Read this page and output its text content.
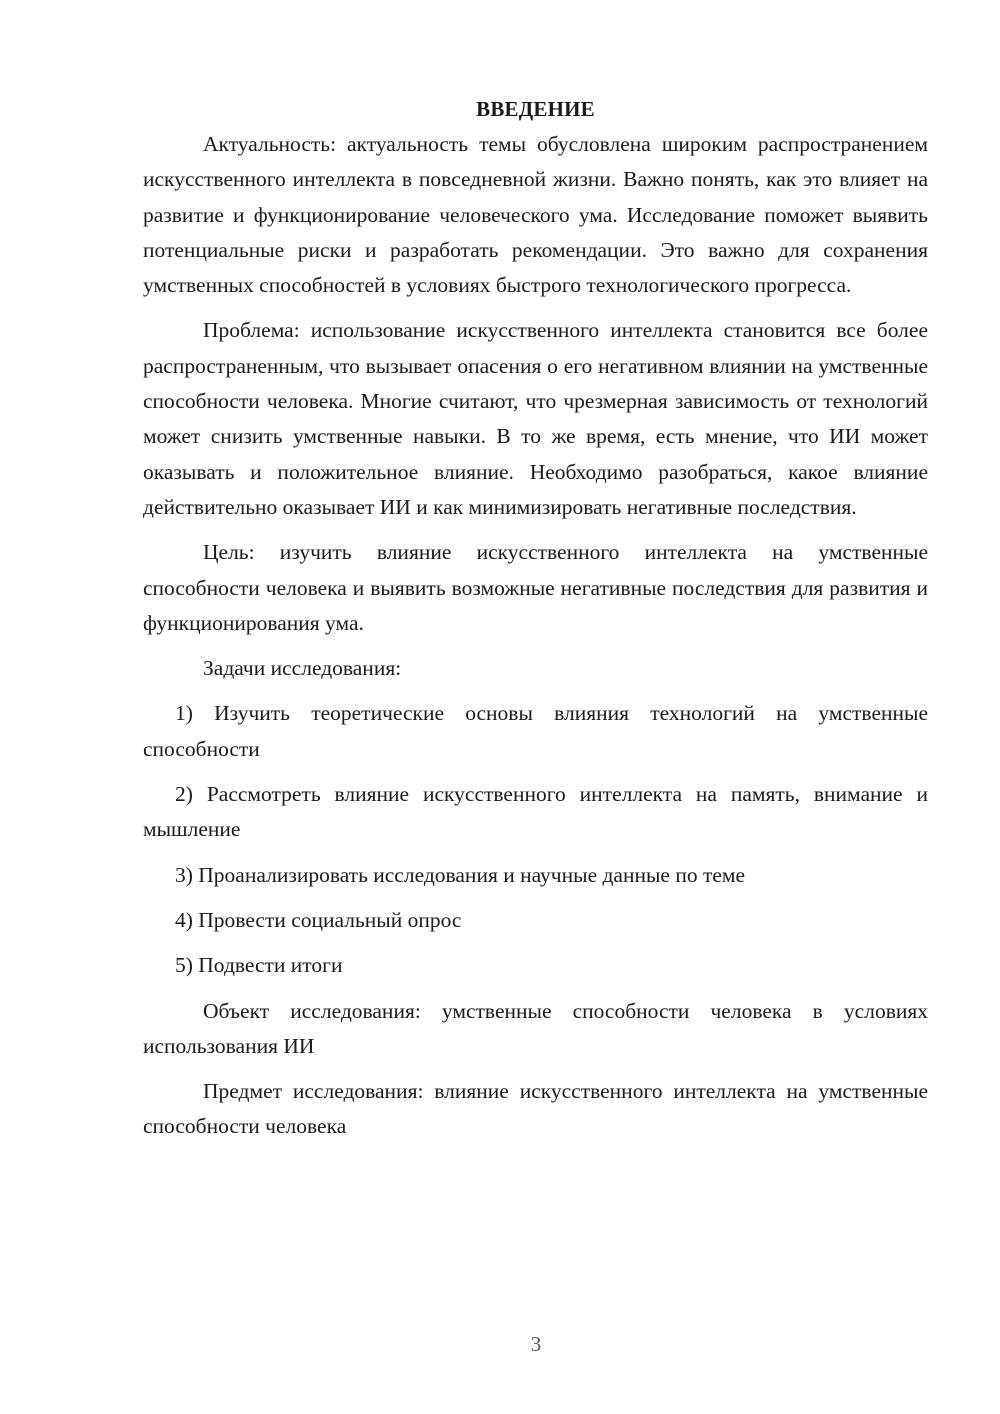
ВВЕДЕНИЕ

Актуальность: актуальность темы обусловлена широким распространением искусственного интеллекта в повседневной жизни. Важно понять, как это влияет на развитие и функционирование человеческого ума. Исследование поможет выявить потенциальные риски и разработать рекомендации. Это важно для сохранения умственных способностей в условиях быстрого технологического прогресса.

Проблема: использование искусственного интеллекта становится все более распространенным, что вызывает опасения о его негативном влиянии на умственные способности человека. Многие считают, что чрезмерная зависимость от технологий может снизить умственные навыки. В то же время, есть мнение, что ИИ может оказывать и положительное влияние. Необходимо разобраться, какое влияние действительно оказывает ИИ и как минимизировать негативные последствия.

Цель: изучить влияние искусственного интеллекта на умственные способности человека и выявить возможные негативные последствия для развития и функционирования ума.

Задачи исследования:

1) Изучить теоретические основы влияния технологий на умственные способности

2) Рассмотреть влияние искусственного интеллекта на память, внимание и мышление

3) Проанализировать исследования и научные данные по теме

4) Провести социальный опрос

5) Подвести итоги

Объект исследования: умственные способности человека в условиях использования ИИ

Предмет исследования: влияние искусственного интеллекта на умственные способности человека

3
